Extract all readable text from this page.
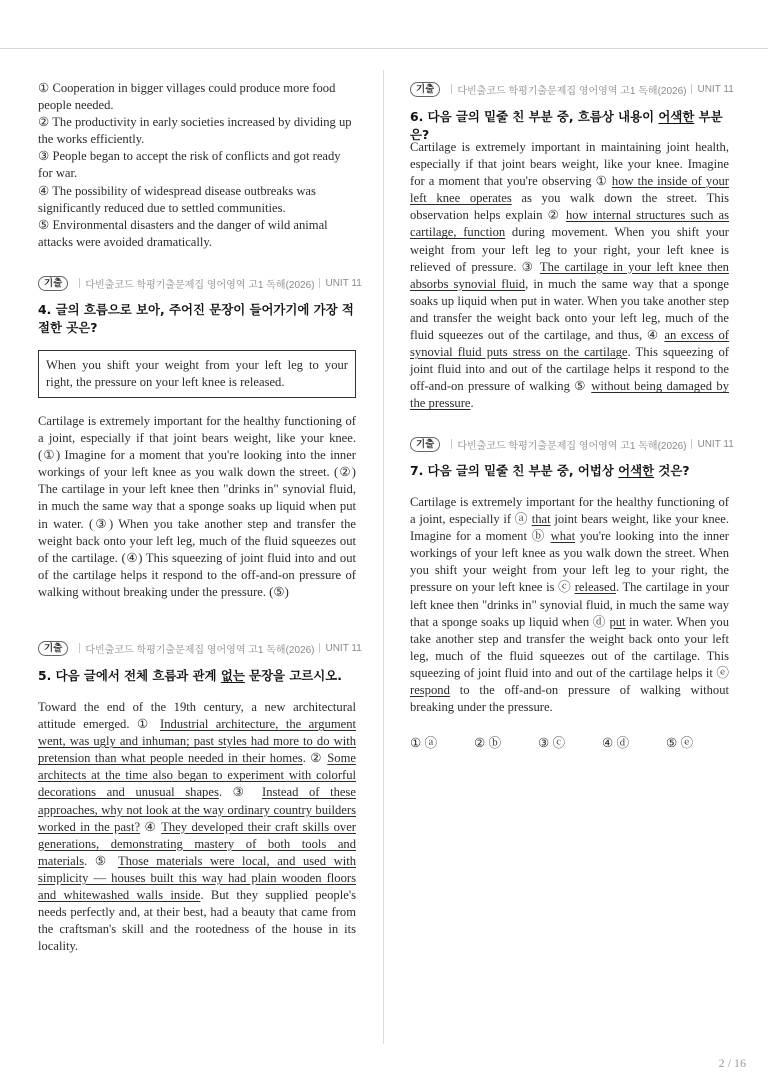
① Cooperation in bigger villages could produce more food people needed.
② The productivity in early societies increased by dividing up the works efficiently.
③ People began to accept the risk of conflicts and got ready for war.
④ The possibility of widespread disease outbreaks was significantly reduced due to settled communities.
⑤ Environmental disasters and the danger of wild animal attacks were avoided dramatically.
기출	다빈출코드 학평기출문제집 영어영역 고1 독해(2026) UNIT 11
4. 글의 흐름으로 보아, 주어진 문장이 들어가기에 가장 적절한 곳은?
When you shift your weight from your left leg to your right, the pressure on your left knee is released.
Cartilage is extremely important for the healthy functioning of a joint, especially if that joint bears weight, like your knee. (①) Imagine for a moment that you're looking into the inner workings of your left knee as you walk down the street. (②) The cartilage in your left knee then "drinks in" synovial fluid, in much the same way that a sponge soaks up liquid when put in water. (③) When you take another step and transfer the weight back onto your left leg, much of the fluid squeezes out of the cartilage. (④) This squeezing of joint fluid into and out of the cartilage helps it respond to the off-and-on pressure of walking without breaking under the pressure. (⑤)
기출	다빈출코드 학평기출문제집 영어영역 고1 독해(2026) UNIT 11
5. 다음 글에서 전체 흐름과 관계 없는 문장을 고르시오.
Toward the end of the 19th century, a new architectural attitude emerged. ① Industrial architecture, the argument went, was ugly and inhuman; past styles had more to do with pretension than what people needed in their homes. ② Some architects at the time also began to experiment with colorful decorations and unusual shapes. ③ Instead of these approaches, why not look at the way ordinary country builders worked in the past? ④ They developed their craft skills over generations, demonstrating mastery of both tools and materials. ⑤ Those materials were local, and used with simplicity — houses built this way had plain wooden floors and whitewashed walls inside. But they supplied people's needs perfectly and, at their best, had a beauty that came from the craftsman's skill and the rootedness of the house in its locality.
기출	다빈출코드 학평기출문제집 영어영역 고1 독해(2026) UNIT 11
6. 다음 글의 밑줄 친 부분 중, 흐름상 내용이 어색한 부분은?
Cartilage is extremely important in maintaining joint health, especially if that joint bears weight, like your knee. Imagine for a moment that you're observing ① how the inside of your left knee operates as you walk down the street. This observation helps explain ② how internal structures such as cartilage, function during movement. When you shift your weight from your left leg to your right, your left knee is relieved of pressure. ③ The cartilage in your left knee then absorbs synovial fluid, in much the same way that a sponge soaks up liquid when put in water. When you take another step and transfer the weight back onto your left leg, much of the fluid squeezes out of the cartilage, and thus, ④ an excess of synovial fluid puts stress on the cartilage. This squeezing of joint fluid into and out of the cartilage helps it respond to the off-and-on pressure of walking ⑤ without being damaged by the pressure.
기출	다빈출코드 학평기출문제집 영어영역 고1 독해(2026) UNIT 11
7. 다음 글의 밑줄 친 부분 중, 어법상 어색한 것은?
Cartilage is extremely important for the healthy functioning of a joint, especially if ⓐ that joint bears weight, like your knee. Imagine for a moment ⓑ what you're looking into the inner workings of your left knee as you walk down the street. When you shift your weight from your left leg to your right, the pressure on your left knee is ⓒ released. The cartilage in your left knee then "drinks in" synovial fluid, in much the same way that a sponge soaks up liquid when ⓓ put in water. When you take another step and transfer the weight back onto your left leg, much of the fluid squeezes out of the cartilage. This squeezing of joint fluid into and out of the cartilage helps it ⓔ respond to the off-and-on pressure of walking without breaking under the pressure.
① ⓐ	② ⓑ	③ ⓒ	④ ⓓ	⑤ ⓔ
2 / 16
